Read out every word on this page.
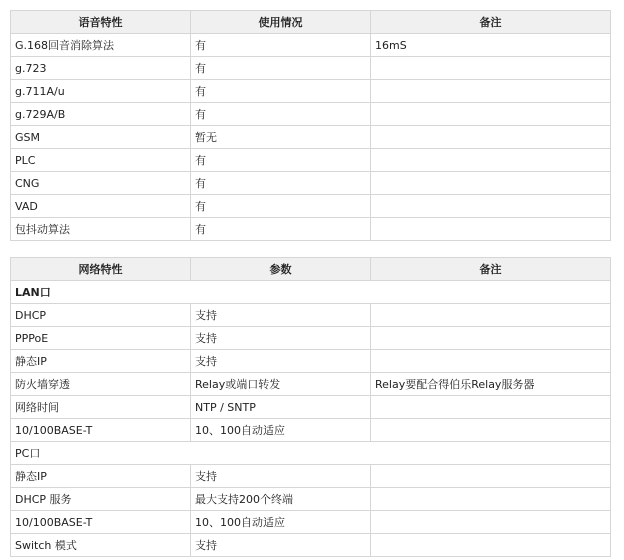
语音特性	使用情况	备注
G.168回音消除算法	有	16mS
g.723	有	
g.711A/u	有	
g.729A/B	有	
GSM	暂无	
PLC	有	
CNG	有	
VAD	有	
包抖动算法	有	
网络特性	参数	备注
LAN口		
DHCP	支持	
PPPoE	支持	
静态IP	支持	
防火墙穿透	Relay或端口转发	Relay要配合得伯乐Relay服务器
网络时间	NTP / SNTP	
10/100BASE-T	10、100自动适应	
PC口		
静态IP	支持	
DHCP 服务	最大支持200个终端	
10/100BASE-T	10、100自动适应	
Switch 模式	支持	
